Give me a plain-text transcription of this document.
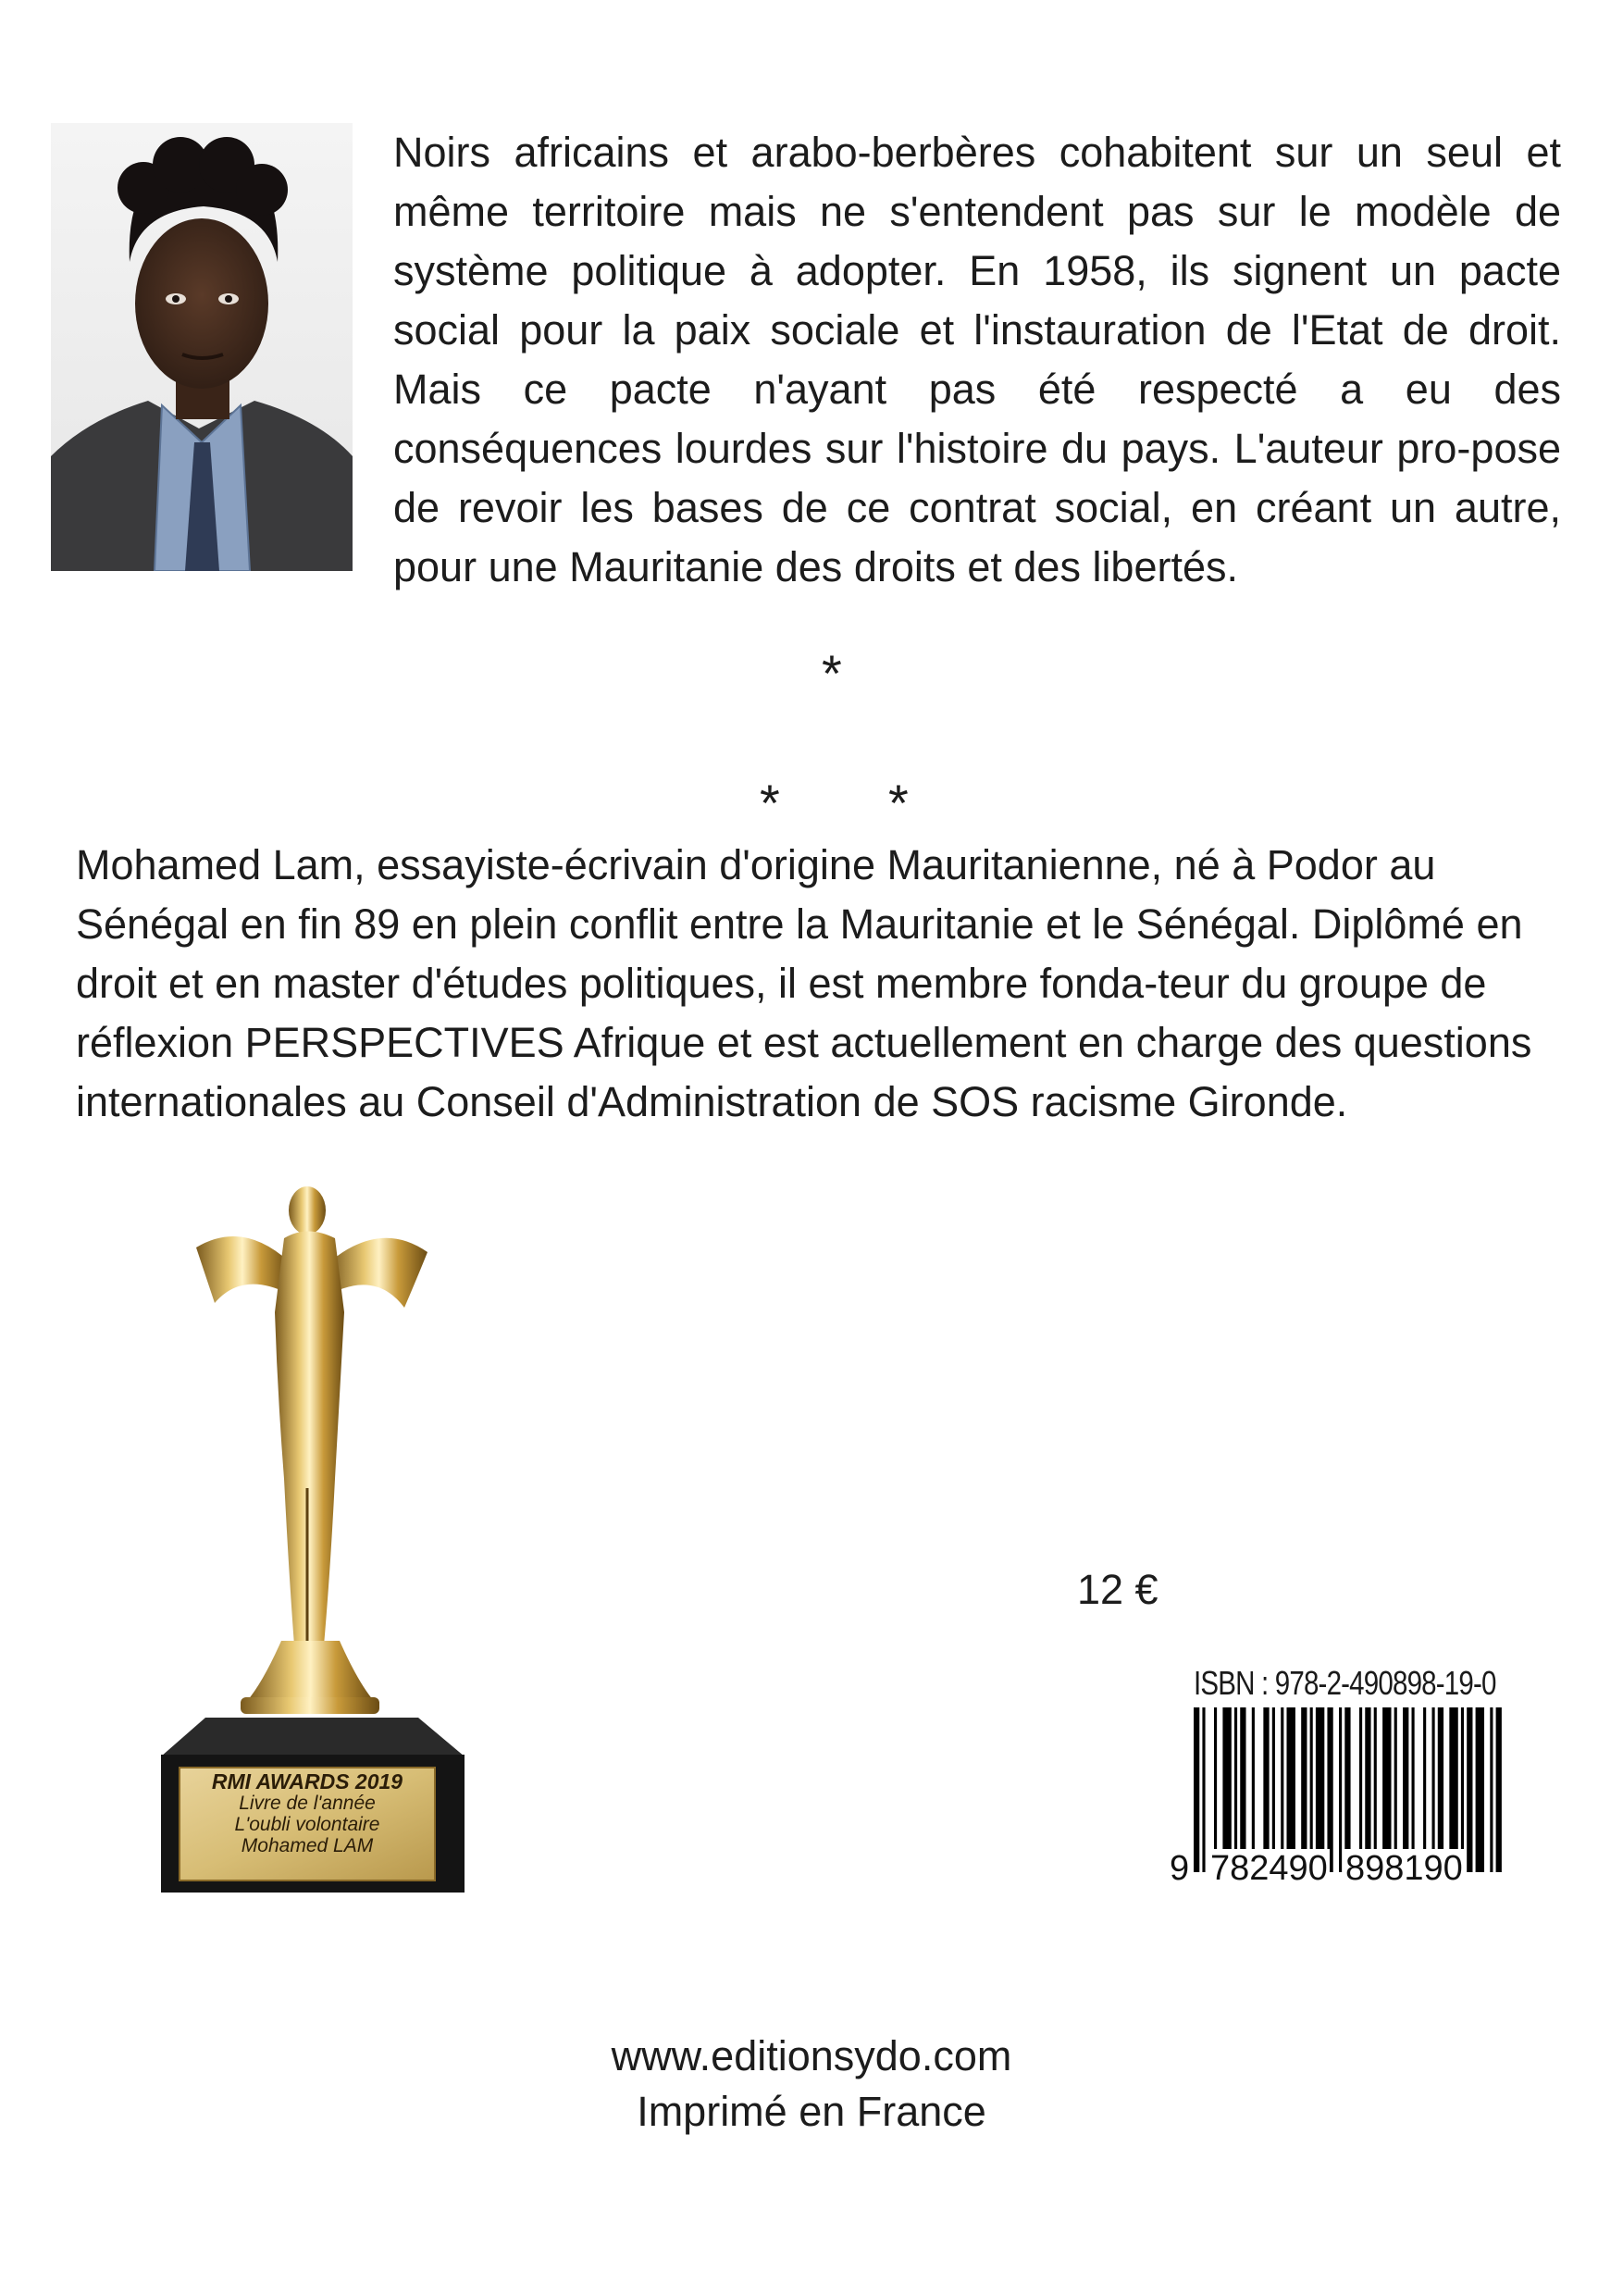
Noirs africains et arabo-berbères cohabitent sur un seul et même territoire mais ne s'entendent pas sur le modèle de système politique à adopter. En 1958, ils signent un pacte social pour la paix sociale et l'instauration de l'Etat de droit. Mais ce pacte n'ayant pas été respecté a eu des conséquences lourdes sur l'histoire du pays. L'auteur pro-pose de revoir les bases de ce contrat social, en créant un autre, pour une Mauritanie des droits et des libertés.

*
* *

Mohamed Lam, essayiste-écrivain d'origine Mauritanienne, né à Podor au Sénégal en fin 89 en plein conflit entre la Mauritanie et le Sénégal. Diplômé en droit et en master d'études politiques, il est membre fonda-teur du groupe de réflexion PERSPECTIVES Afrique et est actuellement en charge des questions internationales au Conseil d'Administration de SOS racisme Gironde.

RMI AWARDS 2019
Livre de l'année
L'oubli volontaire
Mohamed LAM
12 €
ISBN : 978-2-490898-19-0
9 782490 898190
www.editionsydo.com
Imprimé en France
